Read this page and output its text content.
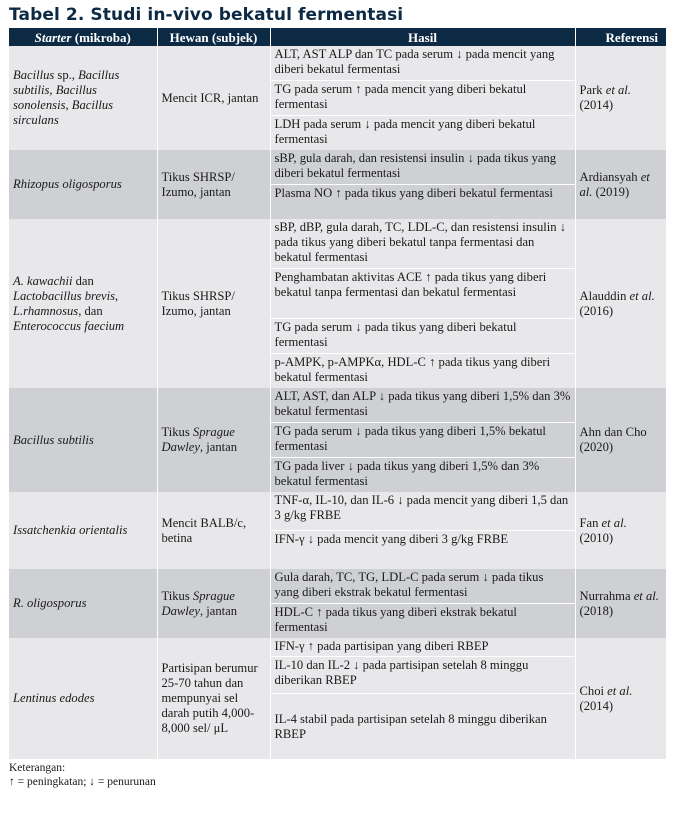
Tabel 2. Studi in-vivo bekatul fermentasi
Starter (mikroba)	Hewan (subjek)	Hasil	Referensi
Bacillus sp., Bacillus subtilis, Bacillus sonolensis, Bacillus sirculans	Mencit ICR, jantan	ALT, AST ALP dan TC pada serum ↓ pada mencit yang diberi bekatul fermentasi
TG pada serum ↑ pada mencit yang diberi bekatul fermentasi
LDH pada serum ↓ pada mencit yang diberi bekatul fermentasi	Park et al. (2014)
Rhizopus oligosporus	Tikus SHRSP/ Izumo, jantan	sBP, gula darah, dan resistensi insulin ↓ pada tikus yang diberi bekatul fermentasi
Plasma NO ↑ pada tikus yang diberi bekatul fermentasi	Ardiansyah et al. (2019)
A. kawachii dan Lactobacillus brevis, L.rhamnosus, dan Enterococcus faecium	Tikus SHRSP/ Izumo, jantan	sBP, dBP, gula darah, TC, LDL-C, dan resistensi insulin ↓ pada tikus yang diberi bekatul tanpa fermentasi dan bekatul fermentasi
Penghambatan aktivitas ACE ↑ pada tikus yang diberi bekatul tanpa fermentasi dan bekatul fermentasi
TG pada serum ↓ pada tikus yang diberi bekatul fermentasi
p-AMPK, p-AMPKα, HDL-C ↑ pada tikus yang diberi bekatul fermentasi	Alauddin et al. (2016)
Bacillus subtilis	Tikus Sprague Dawley, jantan	ALT, AST, dan ALP ↓ pada tikus yang diberi 1,5% dan 3% bekatul fermentasi
TG pada serum ↓ pada tikus yang diberi 1,5% bekatul fermentasi
TG pada liver ↓ pada tikus yang diberi 1,5% dan 3% bekatul fermentasi	Ahn dan Cho (2020)
Issatchenkia orientalis	Mencit BALB/c, betina	TNF-α, IL-10, dan IL-6 ↓ pada mencit yang diberi 1,5 dan 3 g/kg FRBE
IFN-γ ↓ pada mencit yang diberi 3 g/kg FRBE	Fan et al. (2010)
R. oligosporus	Tikus Sprague Dawley, jantan	Gula darah, TC, TG, LDL-C pada serum ↓ pada tikus yang diberi ekstrak bekatul fermentasi
HDL-C ↑ pada tikus yang diberi ekstrak bekatul fermentasi	Nurrahma et al. (2018)
Lentinus edodes	Partisipan berumur 25-70 tahun dan mempunyai sel darah putih 4,000-8,000 sel/ μL	IFN-γ ↑ pada partisipan yang diberi RBEP
IL-10 dan IL-2 ↓ pada partisipan setelah 8 minggu diberikan RBEP
IL-4 stabil pada partisipan setelah 8 minggu diberikan RBEP	Choi et al. (2014)
Keterangan:
↑ = peningkatan; ↓ = penurunan
